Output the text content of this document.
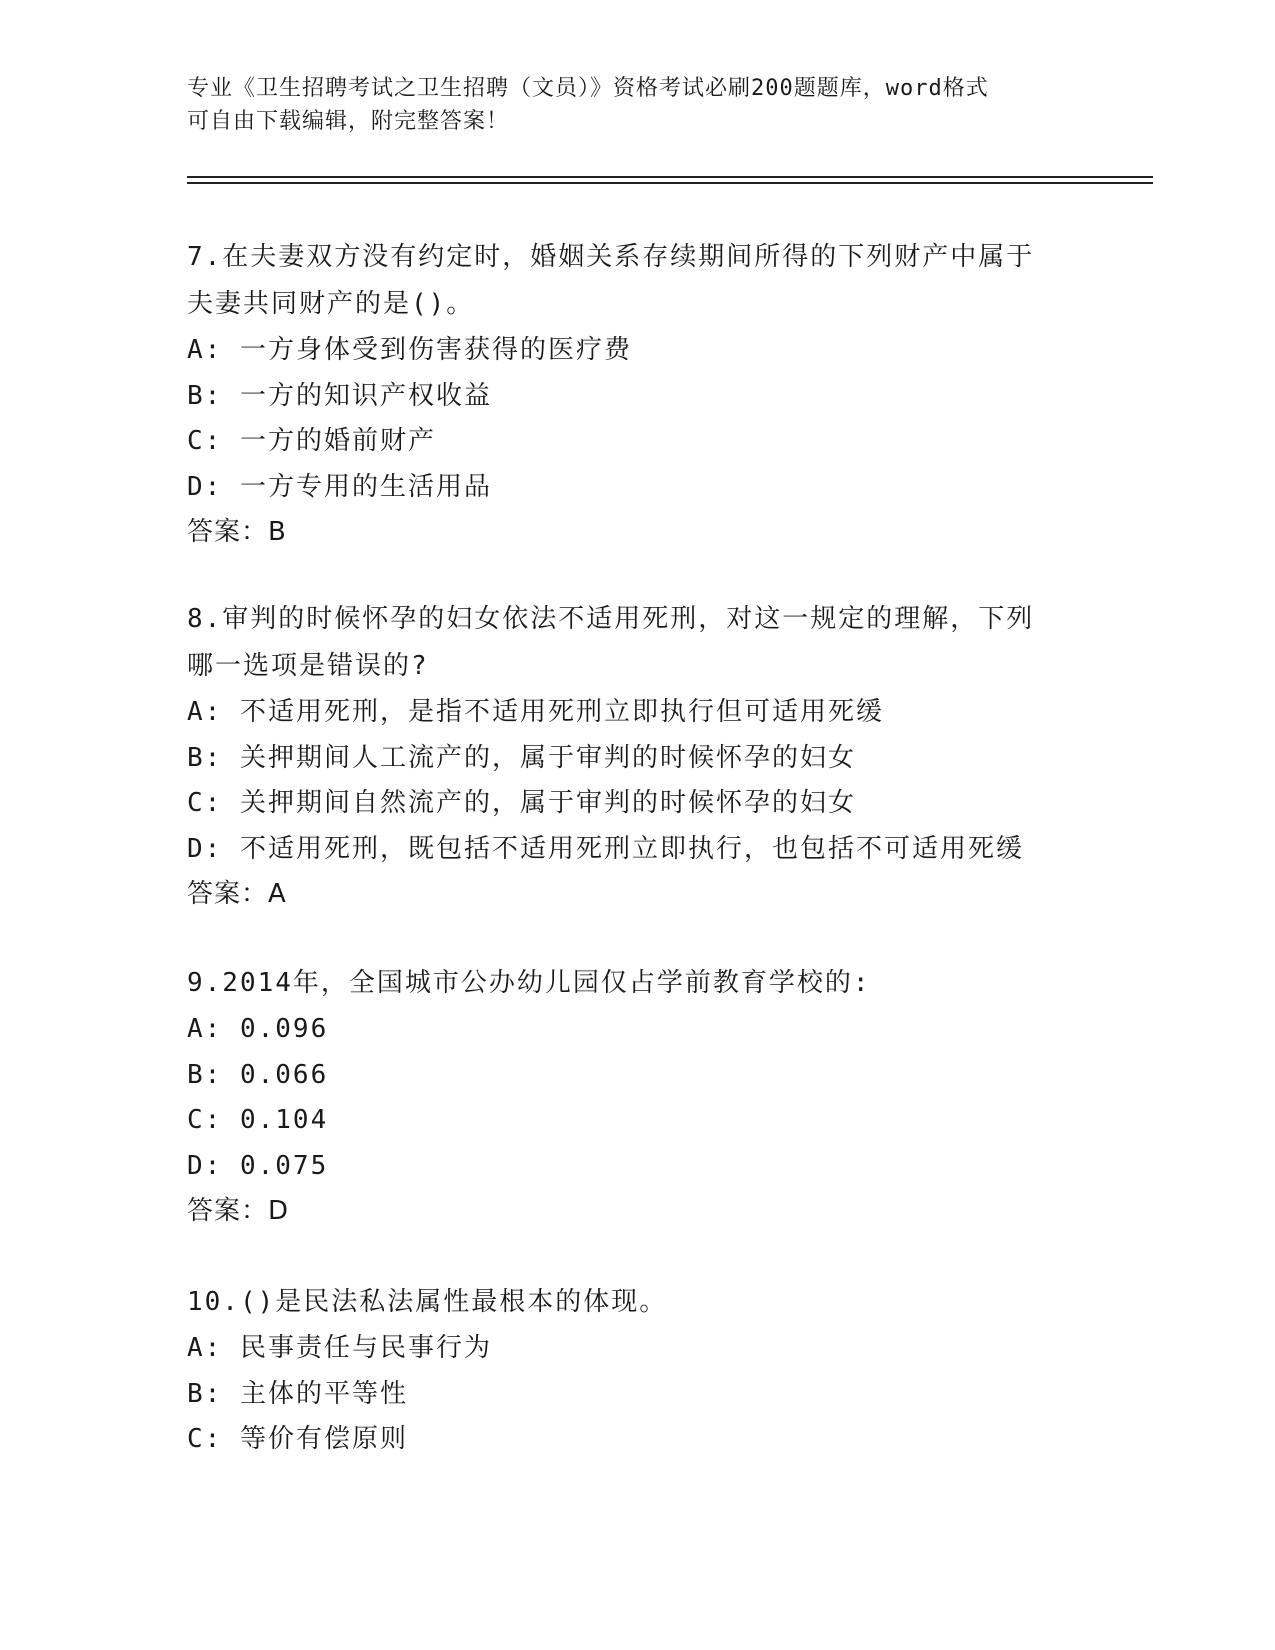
专业《卫生招聘考试之卫生招聘（文员）》资格考试必刷200题题库，word格式
可自由下载编辑，附完整答案！
7.在夫妻双方没有约定时，婚姻关系存续期间所得的下列财产中属于
夫妻共同财产的是()。
A: 一方身体受到伤害获得的医疗费
B: 一方的知识产权收益
C: 一方的婚前财产
D: 一方专用的生活用品
答案：B
8.审判的时候怀孕的妇女依法不适用死刑，对这一规定的理解，下列
哪一选项是错误的?
A: 不适用死刑，是指不适用死刑立即执行但可适用死缓
B: 关押期间人工流产的，属于审判的时候怀孕的妇女
C: 关押期间自然流产的，属于审判的时候怀孕的妇女
D: 不适用死刑，既包括不适用死刑立即执行，也包括不可适用死缓
答案：A
9.2014年，全国城市公办幼儿园仅占学前教育学校的:
A: 0.096
B: 0.066
C: 0.104
D: 0.075
答案：D
10.()是民法私法属性最根本的体现。
A: 民事责任与民事行为
B: 主体的平等性
C: 等价有偿原则
